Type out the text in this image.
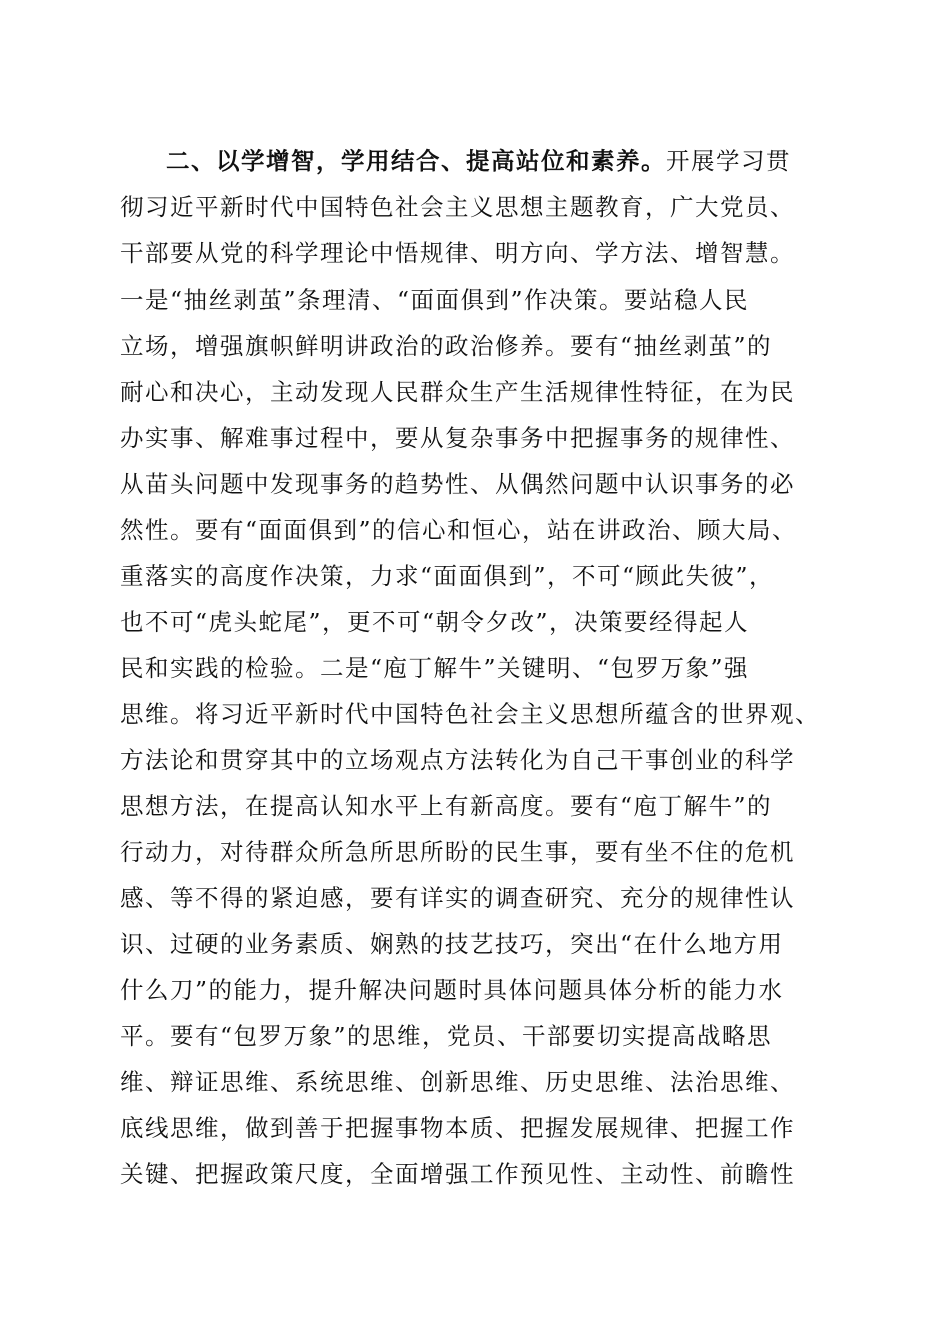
二、以学增智，学用结合、提高站位和素养。开展学习贯
彻习近平新时代中国特色社会主义思想主题教育，广大党员、
干部要从党的科学理论中悟规律、明方向、学方法、增智慧。
一是“抽丝剥茧”条理清、“面面俱到”作决策。要站稳人民
立场，增强旗帜鲜明讲政治的政治修养。要有“抽丝剥茧”的
耐心和决心，主动发现人民群众生产生活规律性特征，在为民
办实事、解难事过程中，要从复杂事务中把握事务的规律性、
从苗头问题中发现事务的趋势性、从偶然问题中认识事务的必
然性。要有“面面俱到”的信心和恒心，站在讲政治、顾大局、
重落实的高度作决策，力求“面面俱到”，不可“顾此失彼”，
也不可“虎头蛇尾”，更不可“朝令夕改”，决策要经得起人
民和实践的检验。二是“庖丁解牛”关键明、“包罗万象”强
思维。将习近平新时代中国特色社会主义思想所蕴含的世界观、
方法论和贯穿其中的立场观点方法转化为自己干事创业的科学
思想方法，在提高认知水平上有新高度。要有“庖丁解牛”的
行动力，对待群众所急所思所盼的民生事，要有坐不住的危机
感、等不得的紧迫感，要有详实的调查研究、充分的规律性认
识、过硬的业务素质、娴熟的技艺技巧，突出“在什么地方用
什么刀”的能力，提升解决问题时具体问题具体分析的能力水
平。要有“包罗万象”的思维，党员、干部要切实提高战略思
维、辩证思维、系统思维、创新思维、历史思维、法治思维、
底线思维，做到善于把握事物本质、把握发展规律、把握工作
关键、把握政策尺度，全面增强工作预见性、主动性、前瞻性
